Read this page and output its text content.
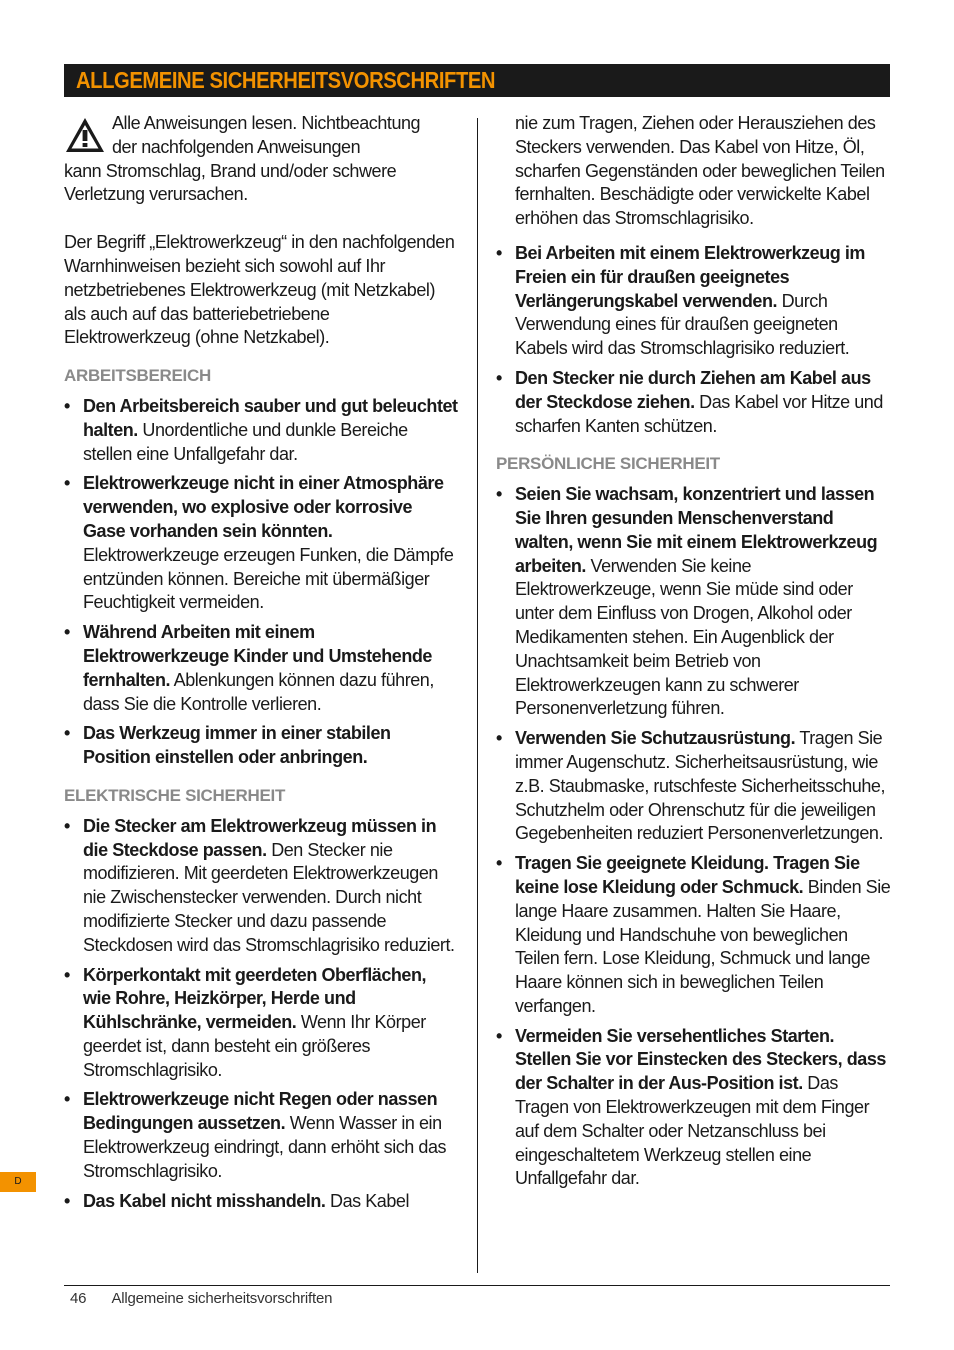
ALLGEMEINE SICHERHEITSVORSCHRIFTEN

Alle Anweisungen lesen. Nichtbeachtung

der nachfolgenden Anweisungen

kann Stromschlag, Brand und/oder schwere Verletzung verursachen.

Der Begriff „Elektrowerkzeug“ in den nachfolgenden Warnhinweisen bezieht sich sowohl auf Ihr netzbetriebenes Elektrowerkzeug (mit Netzkabel) als auch auf das batteriebetriebene Elektrowerkzeug (ohne Netzkabel).

ARBEITSBEREICH
• Den Arbeitsbereich sauber und gut beleuchtet halten. Unordentliche und dunkle Bereiche stellen eine Unfallgefahr dar.
• Elektrowerkzeuge nicht in einer Atmosphäre verwenden, wo explosive oder korrosive Gase vorhanden sein könnten. Elektrowerkzeuge erzeugen Funken, die Dämpfe entzünden können. Bereiche mit übermäßiger Feuchtigkeit vermeiden.
• Während Arbeiten mit einem Elektrowerkzeuge Kinder und Umstehende fernhalten. Ablenkungen können dazu führen, dass Sie die Kontrolle verlieren.
• Das Werkzeug immer in einer stabilen Position einstellen oder anbringen.
ELEKTRISCHE SICHERHEIT
• Die Stecker am Elektrowerkzeug müssen in die Steckdose passen. Den Stecker nie modifizieren. Mit geerdeten Elektrowerkzeugen nie Zwischenstecker verwenden. Durch nicht modifizierte Stecker und dazu passende Steckdosen wird das Stromschlagrisiko reduziert.
• Körperkontakt mit geerdeten Oberflächen, wie Rohre, Heizkörper, Herde und Kühlschränke, vermeiden. Wenn Ihr Körper geerdet ist, dann besteht ein größeres Stromschlagrisiko.
• Elektrowerkzeuge nicht Regen oder nassen Bedingungen aussetzen. Wenn Wasser in ein Elektrowerkzeug eindringt, dann erhöht sich das Stromschlagrisiko.
• Das Kabel nicht misshandeln. Das Kabel

nie zum Tragen, Ziehen oder Herausziehen des Steckers verwenden. Das Kabel von Hitze, Öl, scharfen Gegenständen oder beweglichen Teilen fernhalten. Beschädigte oder verwickelte Kabel erhöhen das Stromschlagrisiko.

• Bei Arbeiten mit einem Elektrowerkzeug im Freien ein für draußen geeignetes Verlängerungskabel verwenden. Durch Verwendung eines für draußen geeigneten Kabels wird das Stromschlagrisiko reduziert.
• Den Stecker nie durch Ziehen am Kabel aus der Steckdose ziehen. Das Kabel vor Hitze und scharfen Kanten schützen.
PERSÖNLICHE SICHERHEIT
• Seien Sie wachsam, konzentriert und lassen Sie Ihren gesunden Menschenverstand walten, wenn Sie mit einem Elektrowerkzeug arbeiten. Verwenden Sie keine Elektrowerkzeuge, wenn Sie müde sind oder unter dem Einfluss von Drogen, Alkohol oder Medikamenten stehen. Ein Augenblick der Unachtsamkeit beim Betrieb von Elektrowerkzeugen kann zu schwerer Personenverletzung führen.
• Verwenden Sie Schutzausrüstung. Tragen Sie immer Augenschutz. Sicherheitsausrüstung, wie z.B. Staubmaske, rutschfeste Sicherheitsschuhe, Schutzhelm oder Ohrenschutz für die jeweiligen Gegebenheiten reduziert Personenverletzungen.
• Tragen Sie geeignete Kleidung. Tragen Sie keine lose Kleidung oder Schmuck. Binden Sie lange Haare zusammen. Halten Sie Haare, Kleidung und Handschuhe von beweglichen Teilen fern. Lose Kleidung, Schmuck und lange Haare können sich in beweglichen Teilen verfangen.
• Vermeiden Sie versehentliches Starten. Stellen Sie vor Einstecken des Steckers, dass der Schalter in der Aus-Position ist. Das Tragen von Elektrowerkzeugen mit dem Finger auf dem Schalter oder Netzanschluss bei eingeschaltetem Werkzeug stellen eine Unfallgefahr dar.
D
46 Allgemeine sicherheitsvorschriften
